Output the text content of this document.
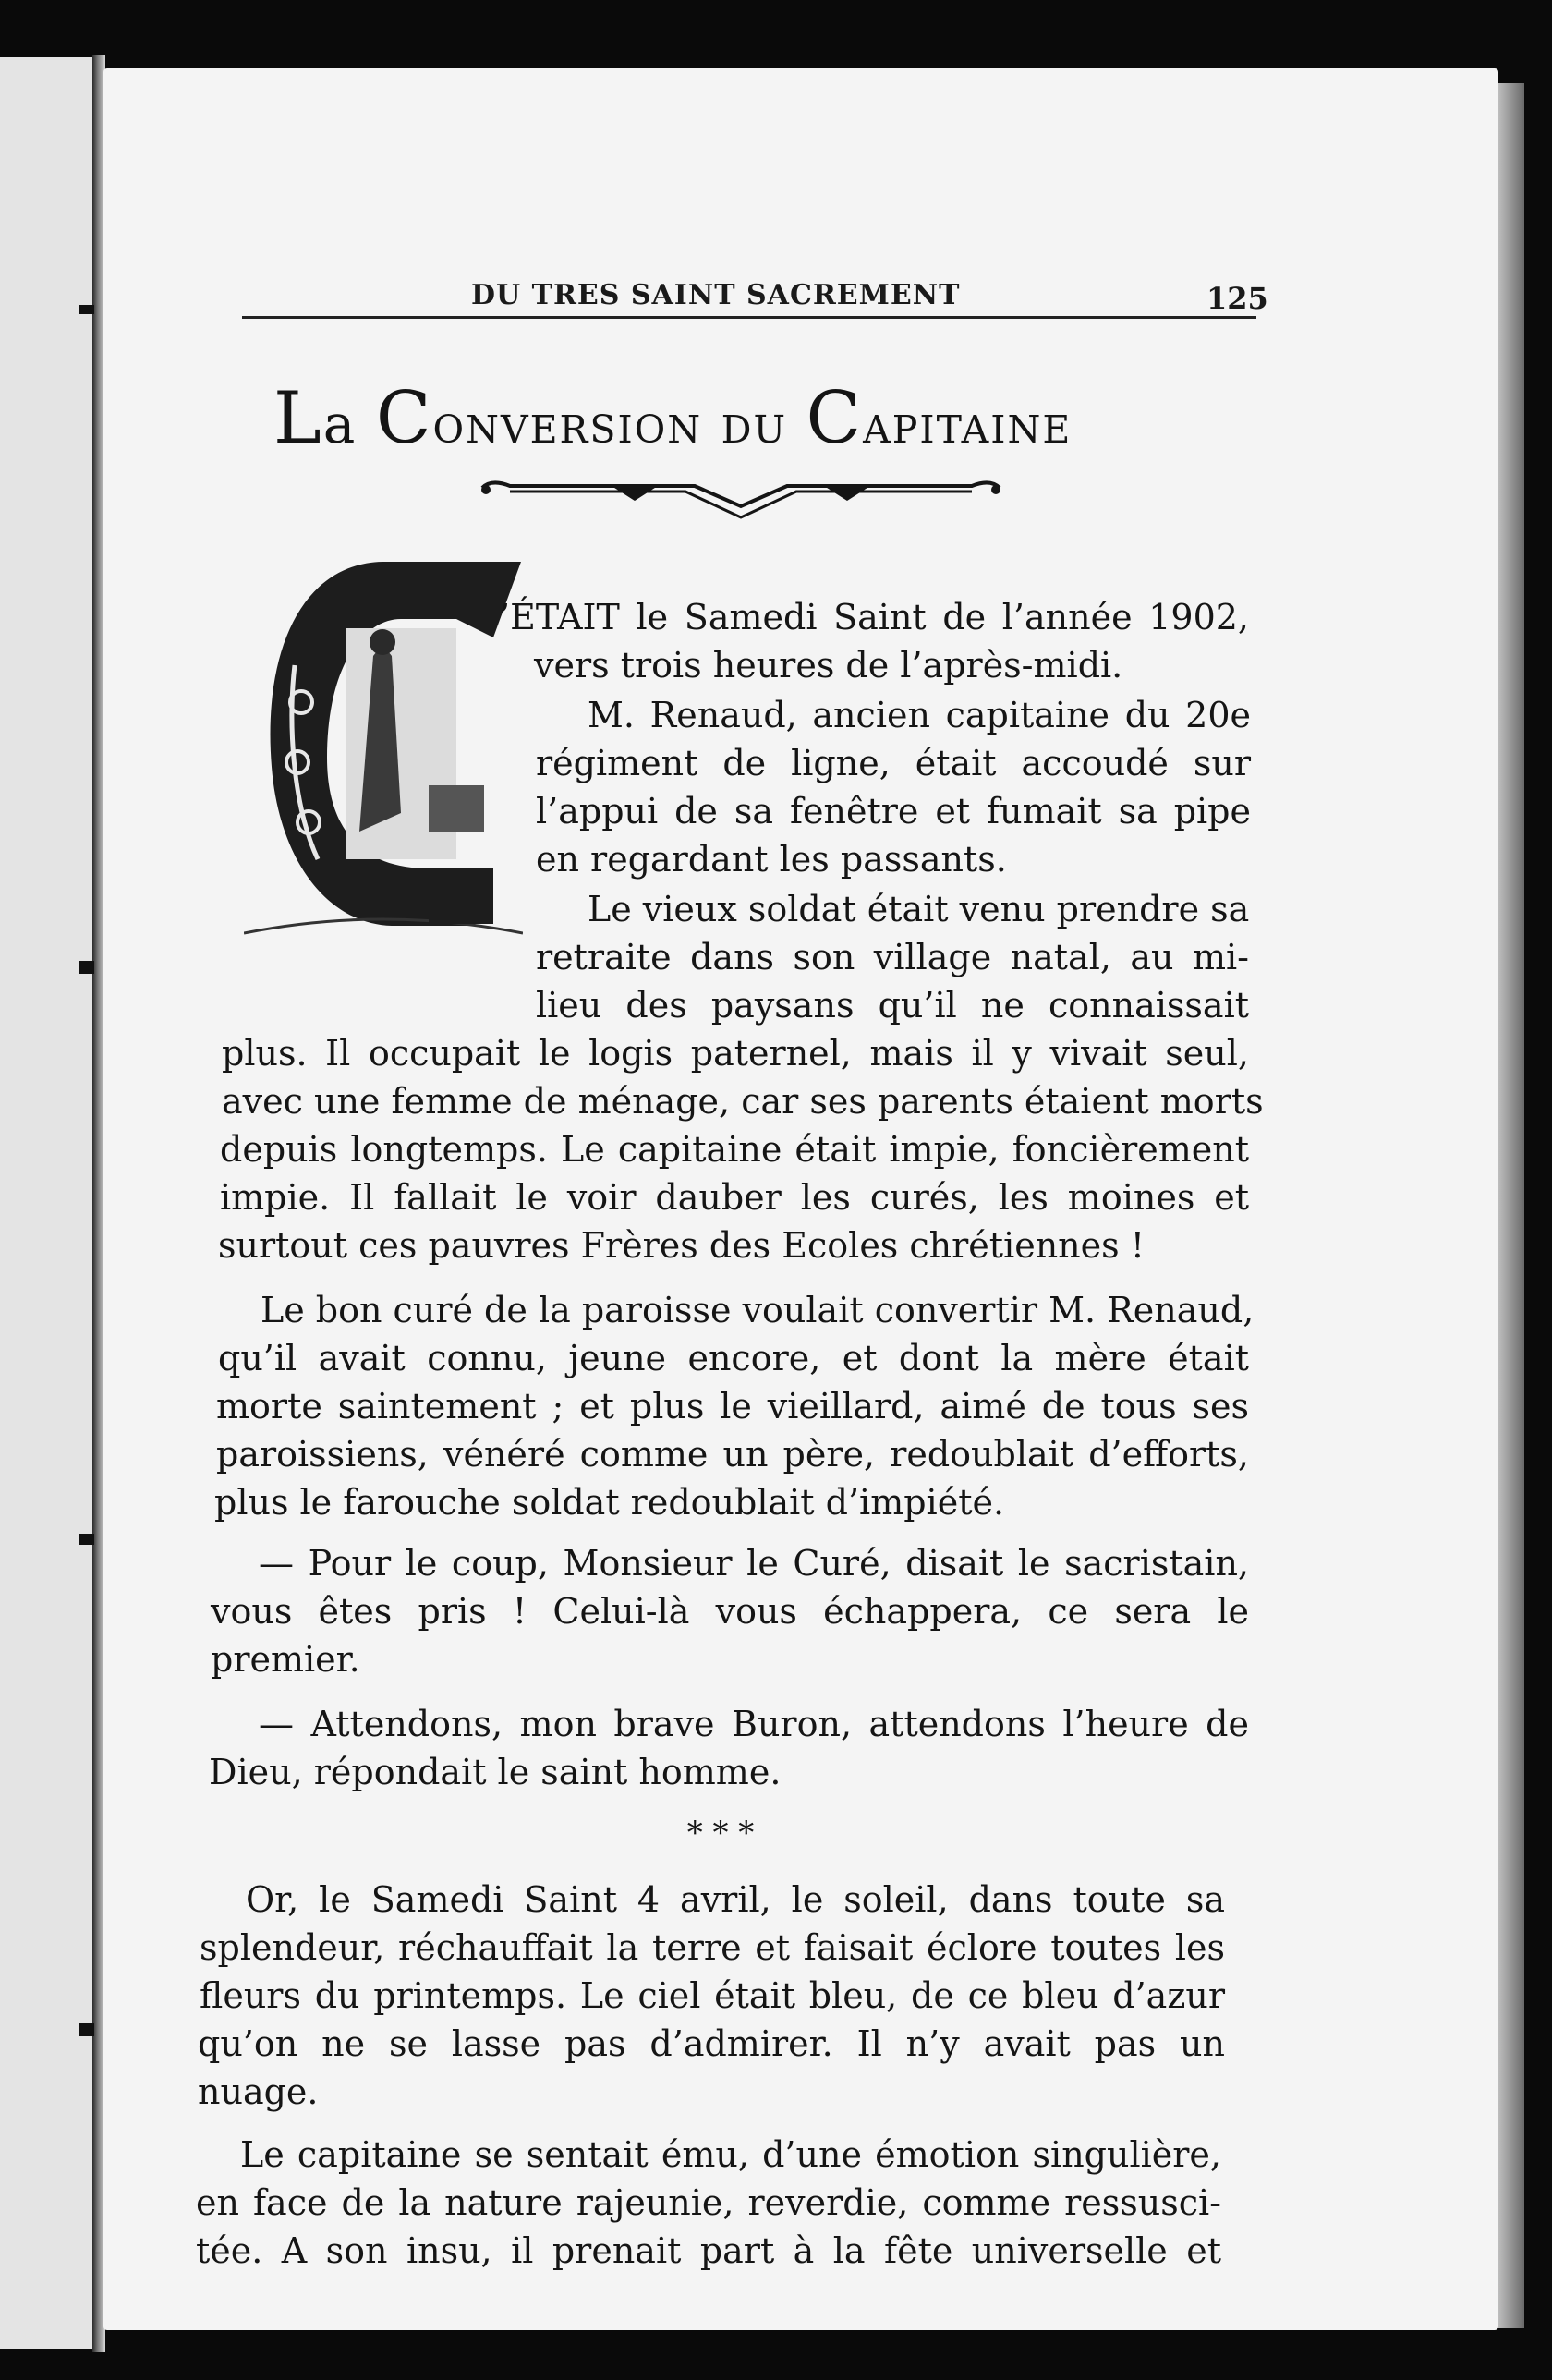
DU TRES SAINT SACREMENT	125
La Conversion du Capitaine
’ÉTAIT le Samedi Saint de l’année 1902,
vers trois heures de l’après-midi.
M. Renaud, ancien capitaine du 20e
régiment de ligne, était accoudé sur
l’appui de sa fenêtre et fumait sa pipe
en regardant les passants.
Le vieux soldat était venu prendre sa
retraite dans son village natal, au mi-
lieu des paysans qu’il ne connaissait
plus. Il occupait le logis paternel, mais il y vivait seul,
avec une femme de ménage, car ses parents étaient morts
depuis longtemps. Le capitaine était impie, foncièrement
impie. Il fallait le voir dauber les curés, les moines et
surtout ces pauvres Frères des Ecoles chrétiennes !
Le bon curé de la paroisse voulait convertir M. Renaud,
qu’il avait connu, jeune encore, et dont la mère était
morte saintement ; et plus le vieillard, aimé de tous ses
paroissiens, vénéré comme un père, redoublait d’efforts,
plus le farouche soldat redoublait d’impiété.
— Pour le coup, Monsieur le Curé, disait le sacristain,
vous êtes pris ! Celui-là vous échappera, ce sera le
premier.
— Attendons, mon brave Buron, attendons l’heure de
Dieu, répondait le saint homme.
* * *
Or, le Samedi Saint 4 avril, le soleil, dans toute sa
splendeur, réchauffait la terre et faisait éclore toutes les
fleurs du printemps. Le ciel était bleu, de ce bleu d’azur
qu’on ne se lasse pas d’admirer. Il n’y avait pas un
nuage.
Le capitaine se sentait ému, d’une émotion singulière,
en face de la nature rajeunie, reverdie, comme ressusci-
tée. A son insu, il prenait part à la fête universelle et
